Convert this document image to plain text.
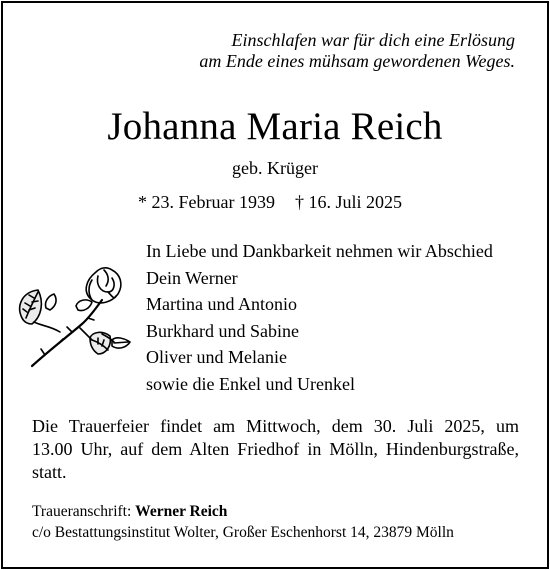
Einschlafen war für dich eine Erlösung
am Ende eines mühsam gewordenen Weges.
Johanna Maria Reich
geb. Krüger
* 23. Februar 1939 † 16. Juli 2025
In Liebe und Dankbarkeit nehmen wir Abschied
Dein Werner
Martina und Antonio
Burkhard und Sabine
Oliver und Melanie
sowie die Enkel und Urenkel
Die Trauerfeier findet am Mittwoch, dem 30. Juli 2025, um
13.00 Uhr, auf dem Alten Friedhof in Mölln, Hindenburgstraße,
statt.
Traueranschrift: Werner Reich
c/o Bestattungsinstitut Wolter, Großer Eschenhorst 14, 23879 Mölln
